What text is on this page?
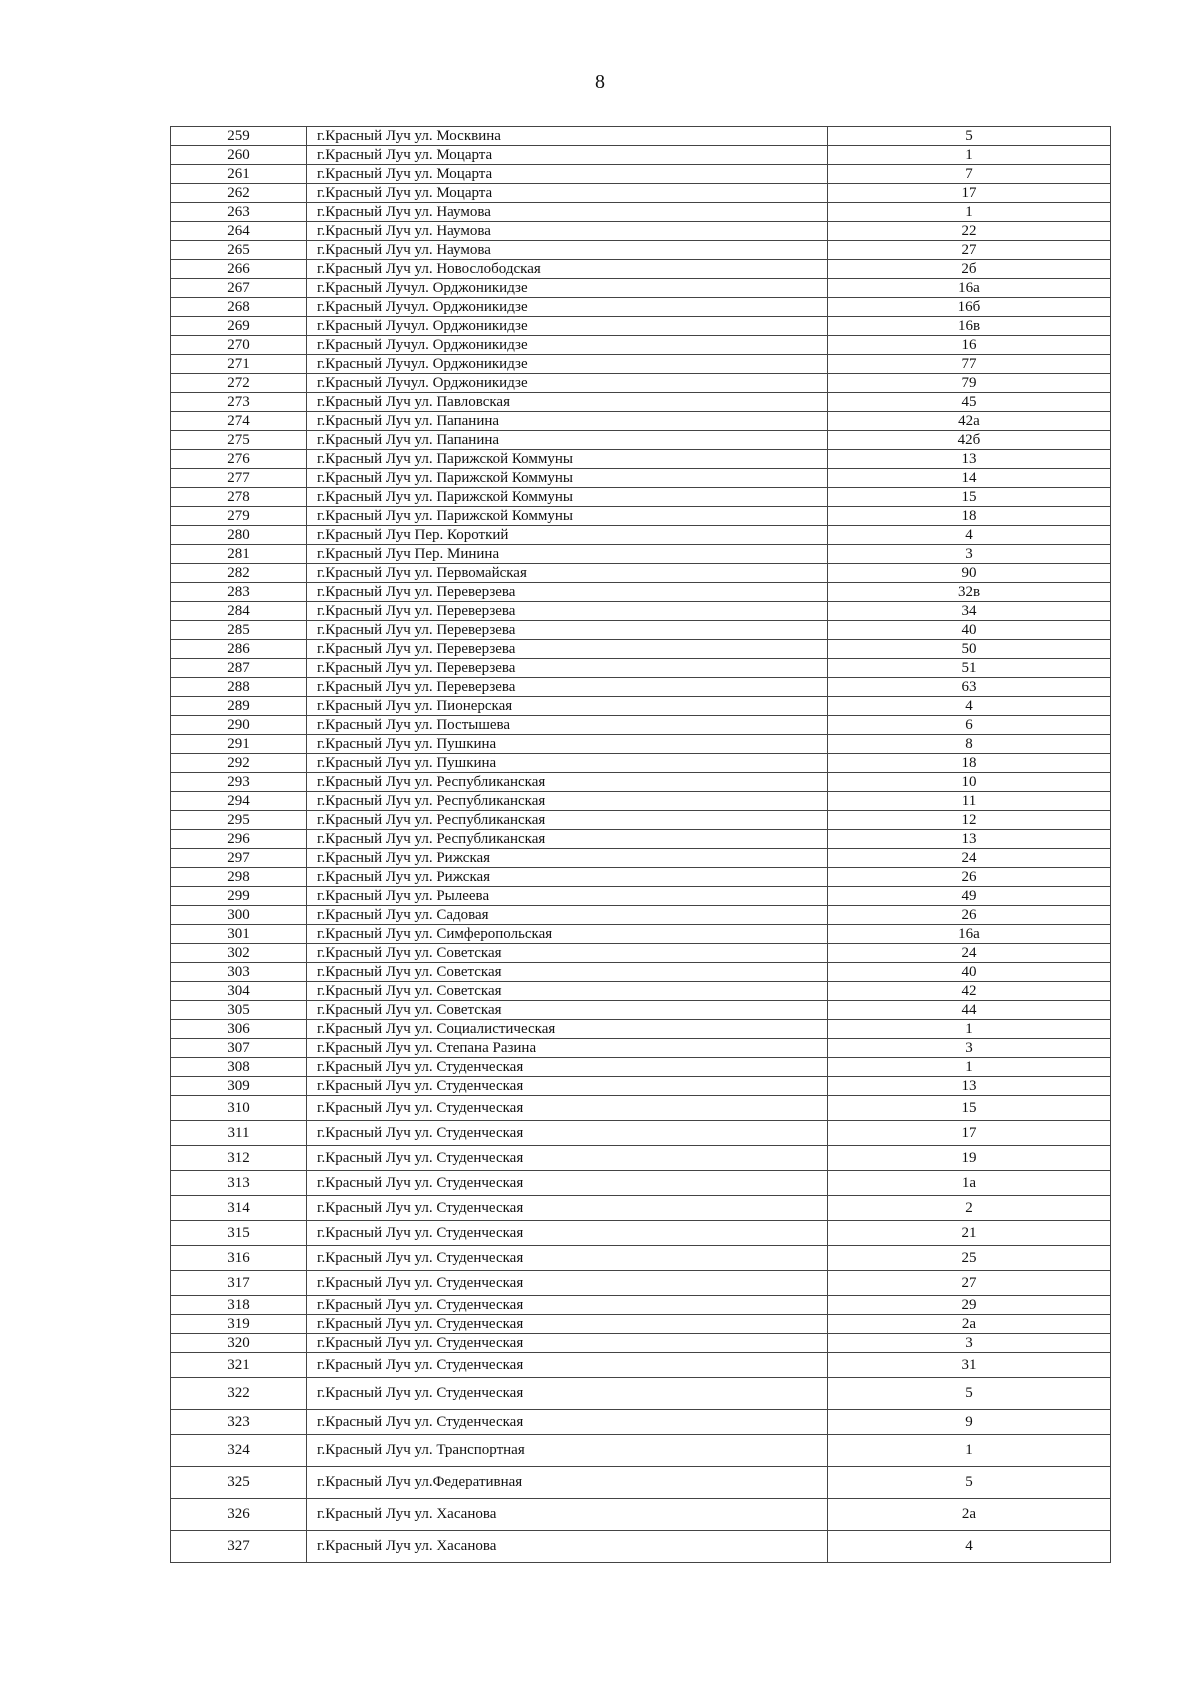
8
259	г.Красный Луч ул. Москвина	5
260	г.Красный Луч ул. Моцарта	1
261	г.Красный Луч ул. Моцарта	7
262	г.Красный Луч ул. Моцарта	17
263	г.Красный Луч ул. Наумова	1
264	г.Красный Луч ул. Наумова	22
265	г.Красный Луч ул. Наумова	27
266	г.Красный Луч ул. Новослободская	2б
267	г.Красный Лучул. Орджоникидзе	16а
268	г.Красный Лучул. Орджоникидзе	16б
269	г.Красный Лучул. Орджоникидзе	16в
270	г.Красный Лучул. Орджоникидзе	16
271	г.Красный Лучул. Орджоникидзе	77
272	г.Красный Лучул. Орджоникидзе	79
273	г.Красный Луч ул. Павловская	45
274	г.Красный Луч ул. Папанина	42а
275	г.Красный Луч ул. Папанина	42б
276	г.Красный Луч ул. Парижской Коммуны	13
277	г.Красный Луч ул. Парижской Коммуны	14
278	г.Красный Луч ул. Парижской Коммуны	15
279	г.Красный Луч ул. Парижской Коммуны	18
280	г.Красный Луч Пер. Короткий	4
281	г.Красный Луч Пер. Минина	3
282	г.Красный Луч ул. Первомайская	90
283	г.Красный Луч ул. Переверзева	32в
284	г.Красный Луч ул. Переверзева	34
285	г.Красный Луч ул. Переверзева	40
286	г.Красный Луч ул. Переверзева	50
287	г.Красный Луч ул. Переверзева	51
288	г.Красный Луч ул. Переверзева	63
289	г.Красный Луч ул. Пионерская	4
290	г.Красный Луч ул. Постышева	6
291	г.Красный Луч ул. Пушкина	8
292	г.Красный Луч ул. Пушкина	18
293	г.Красный Луч ул. Республиканская	10
294	г.Красный Луч ул. Республиканская	11
295	г.Красный Луч ул. Республиканская	12
296	г.Красный Луч ул. Республиканская	13
297	г.Красный Луч ул. Рижская	24
298	г.Красный Луч ул. Рижская	26
299	г.Красный Луч ул. Рылеева	49
300	г.Красный Луч ул. Садовая	26
301	г.Красный Луч ул. Симферопольская	16а
302	г.Красный Луч ул. Советская	24
303	г.Красный Луч ул. Советская	40
304	г.Красный Луч ул. Советская	42
305	г.Красный Луч ул. Советская	44
306	г.Красный Луч ул. Социалистическая	1
307	г.Красный Луч ул. Степана Разина	3
308	г.Красный Луч ул. Студенческая	1
309	г.Красный Луч ул. Студенческая	13
310	г.Красный Луч ул. Студенческая	15
311	г.Красный Луч ул. Студенческая	17
312	г.Красный Луч ул. Студенческая	19
313	г.Красный Луч ул. Студенческая	1а
314	г.Красный Луч ул. Студенческая	2
315	г.Красный Луч ул. Студенческая	21
316	г.Красный Луч ул. Студенческая	25
317	г.Красный Луч ул. Студенческая	27
318	г.Красный Луч ул. Студенческая	29
319	г.Красный Луч ул. Студенческая	2а
320	г.Красный Луч ул. Студенческая	3
321	г.Красный Луч ул. Студенческая	31
322	г.Красный Луч ул. Студенческая	5
323	г.Красный Луч ул. Студенческая	9
324	г.Красный Луч ул. Транспортная	1
325	г.Красный Луч ул.Федеративная	5
326	г.Красный Луч ул. Хасанова	2а
327	г.Красный Луч ул. Хасанова	4
